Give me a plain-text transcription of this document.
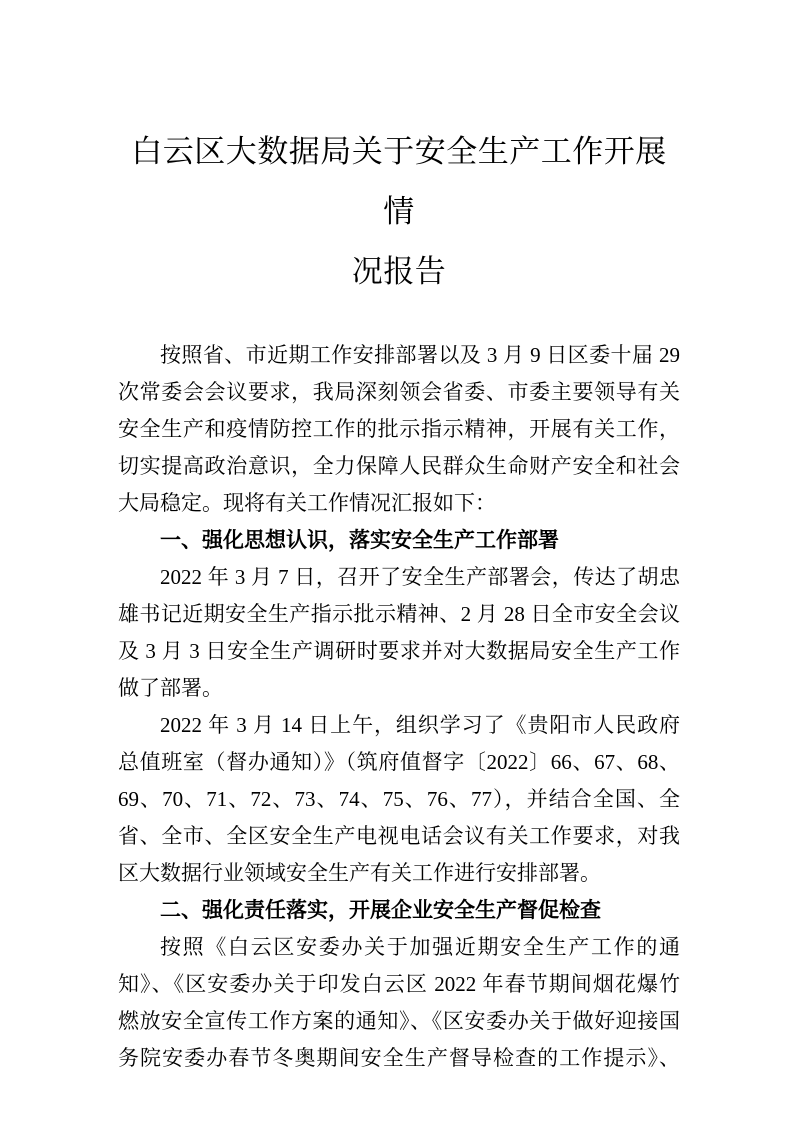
白云区大数据局关于安全生产工作开展情
况报告
按照省、市近期工作安排部署以及 3 月 9 日区委十届 29
次常委会会议要求，我局深刻领会省委、市委主要领导有关
安全生产和疫情防控工作的批示指示精神，开展有关工作，
切实提高政治意识，全力保障人民群众生命财产安全和社会
大局稳定。现将有关工作情况汇报如下：
一、强化思想认识，落实安全生产工作部署
2022 年 3 月 7 日，召开了安全生产部署会，传达了胡忠
雄书记近期安全生产指示批示精神、2 月 28 日全市安全会议
及 3 月 3 日安全生产调研时要求并对大数据局安全生产工作
做了部署。
2022 年 3 月 14 日上午，组织学习了《贵阳市人民政府
总值班室（督办通知）》（筑府值督字〔2022〕66、67、68、
69、70、71、72、73、74、75、76、77），并结合全国、全
省、全市、全区安全生产电视电话会议有关工作要求，对我
区大数据行业领域安全生产有关工作进行安排部署。
二、强化责任落实，开展企业安全生产督促检查
按照《白云区安委办关于加强近期安全生产工作的通
知》、《区安委办关于印发白云区 2022 年春节期间烟花爆竹
燃放安全宣传工作方案的通知》、《区安委办关于做好迎接国
务院安委办春节冬奥期间安全生产督导检查的工作提示》、
